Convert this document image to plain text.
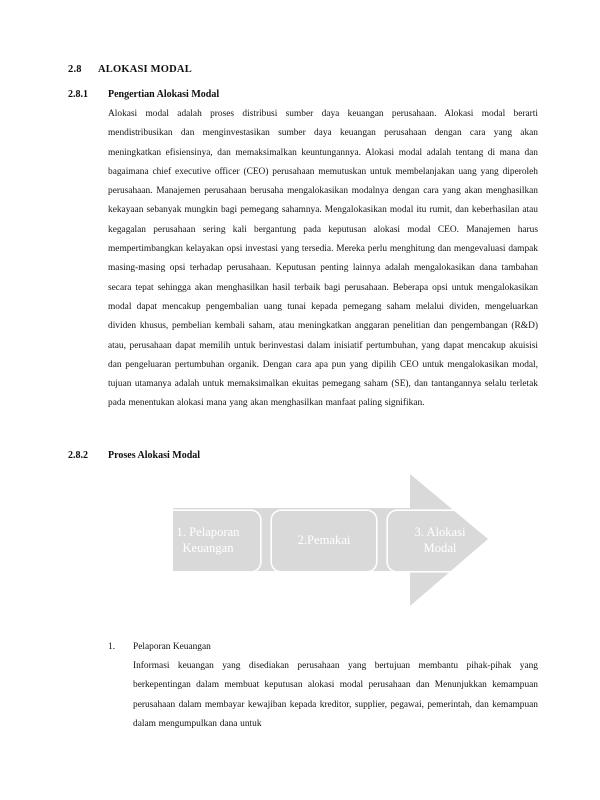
2.8	ALOKASI MODAL
2.8.1	Pengertian Alokasi Modal

Alokasi modal adalah proses distribusi sumber daya keuangan perusahaan. Alokasi modal berarti mendistribusikan dan menginvestasikan sumber daya keuangan perusahaan dengan cara yang akan meningkatkan efisiensinya, dan memaksimalkan keuntungannya. Alokasi modal adalah tentang di mana dan bagaimana chief executive officer (CEO) perusahaan memutuskan untuk membelanjakan uang yang diperoleh perusahaan. Manajemen perusahaan berusaha mengalokasikan modalnya dengan cara yang akan menghasilkan kekayaan sebanyak mungkin bagi pemegang sahamnya. Mengalokasikan modal itu rumit, dan keberhasilan atau kegagalan perusahaan sering kali bergantung pada keputusan alokasi modal CEO. Manajemen harus mempertimbangkan kelayakan opsi investasi yang tersedia. Mereka perlu menghitung dan mengevaluasi dampak masing-masing opsi terhadap perusahaan. Keputusan penting lainnya adalah mengalokasikan dana tambahan secara tepat sehingga akan menghasilkan hasil terbaik bagi perusahaan. Beberapa opsi untuk mengalokasikan modal dapat mencakup pengembalian uang tunai kepada pemegang saham melalui dividen, mengeluarkan dividen khusus, pembelian kembali saham, atau meningkatkan anggaran penelitian dan pengembangan (R&D) atau, perusahaan dapat memilih untuk berinvestasi dalam inisiatif pertumbuhan, yang dapat mencakup akuisisi dan pengeluaran pertumbuhan organik. Dengan cara apa pun yang dipilih CEO untuk mengalokasikan modal, tujuan utamanya adalah untuk memaksimalkan ekuitas pemegang saham (SE), dan tantangannya selalu terletak pada menentukan alokasi mana yang akan menghasilkan manfaat paling signifikan.

2.8.2	Proses Alokasi Modal
1. Pelaporan
Keuangan
2.Pemakai
3. Alokasi
Modal
1.	Pelaporan Keuangan
Informasi keuangan yang disediakan perusahaan yang bertujuan membantu pihak-pihak yang berkepentingan dalam membuat keputusan alokasi modal perusahaan dan Menunjukkan kemampuan perusahaan dalam membayar kewajiban kepada kreditor, supplier, pegawai, pemerintah, dan kemampuan dalam mengumpulkan dana untuk
